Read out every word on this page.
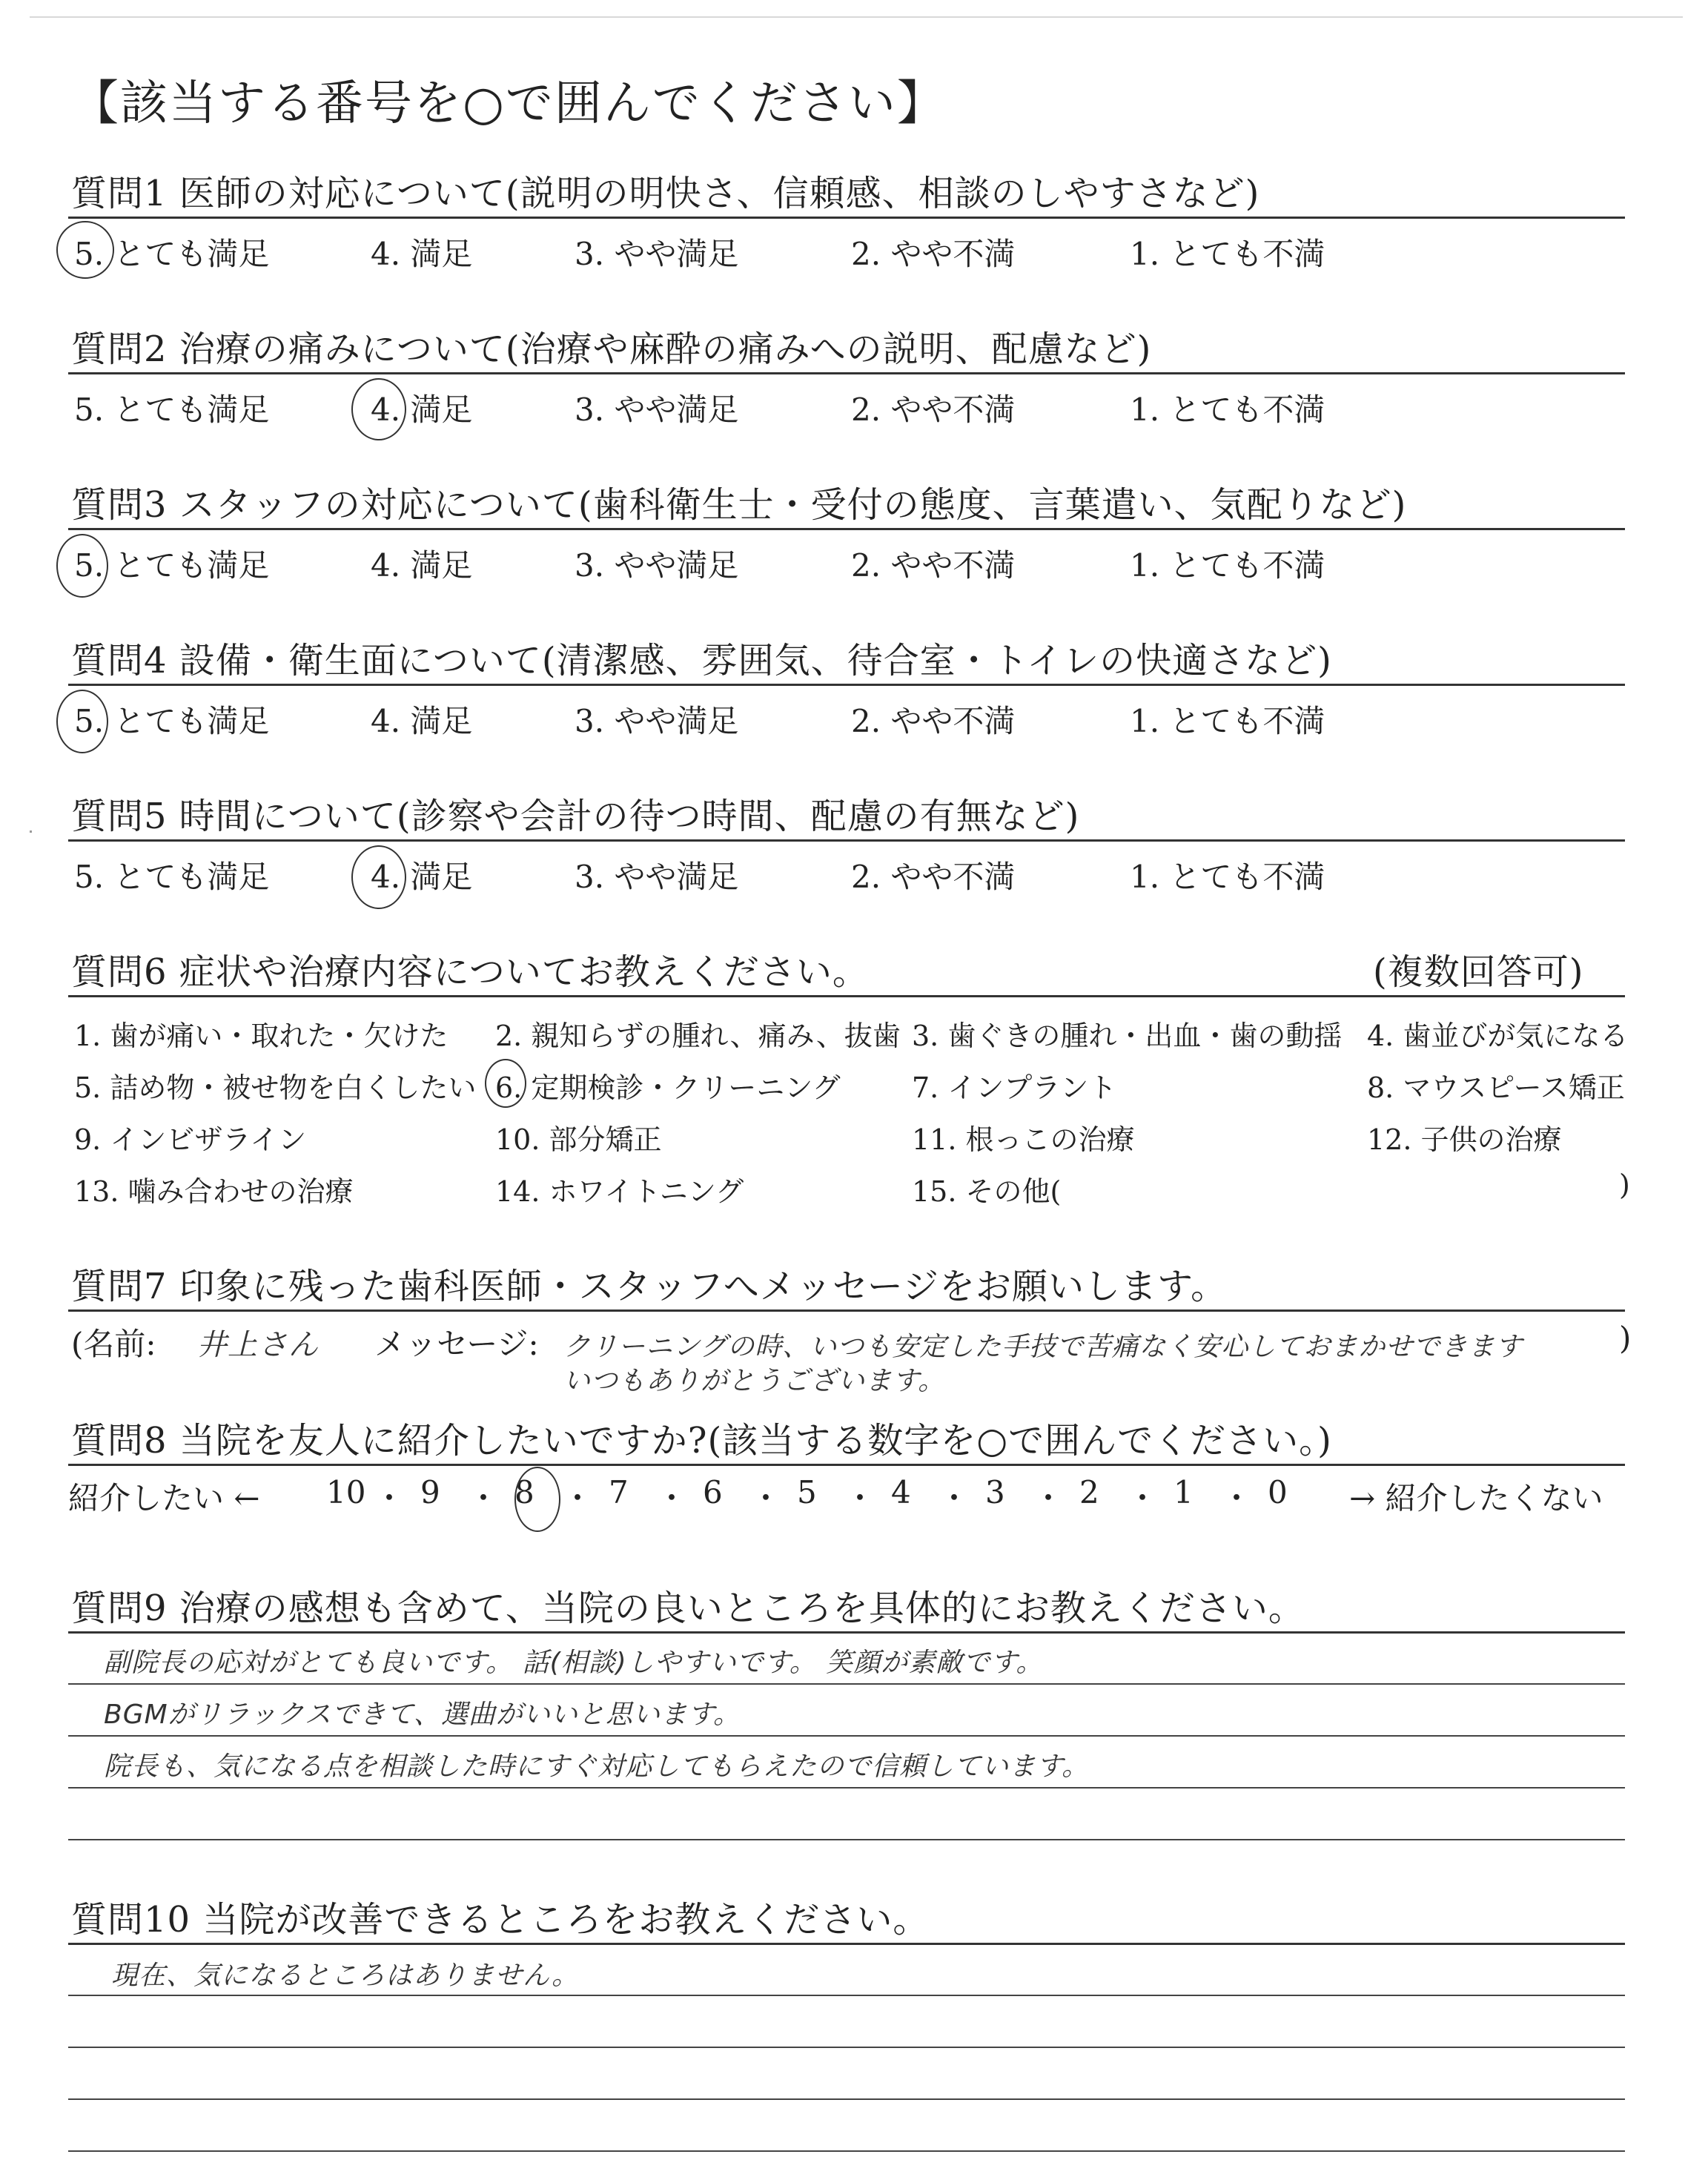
【該当する番号を○で囲んでください】
質問1 医師の対応について(説明の明快さ、信頼感、相談のしやすさなど)
5. とても満足	4. 満足	3. やや満足	2. やや不満	1. とても不満
質問2 治療の痛みについて(治療や麻酔の痛みへの説明、配慮など)
5. とても満足	4. 満足	3. やや満足	2. やや不満	1. とても不満
質問3 スタッフの対応について(歯科衛生士・受付の態度、言葉遣い、気配りなど)
5. とても満足	4. 満足	3. やや満足	2. やや不満	1. とても不満
質問4 設備・衛生面について(清潔感、雰囲気、待合室・トイレの快適さなど)
5. とても満足	4. 満足	3. やや満足	2. やや不満	1. とても不満
質問5 時間について(診察や会計の待つ時間、配慮の有無など)
5. とても満足	4. 満足	3. やや満足	2. やや不満	1. とても不満
質問6 症状や治療内容についてお教えください。	(複数回答可)
1. 歯が痛い・取れた・欠けた 2. 親知らずの腫れ、痛み、抜歯 3. 歯ぐきの腫れ・出血・歯の動揺 4. 歯並びが気になる
5. 詰め物・被せ物を白くしたい 6. 定期検診・クリーニング	7. インプラント	8. マウスピース矯正
9. インビザライン	10. 部分矯正	11. 根っこの治療	12. 子供の治療
13. 噛み合わせの治療	14. ホワイトニング	15. その他(	)
質問7 印象に残った歯科医師・スタッフへメッセージをお願いします。
(名前: 井上さん メッセージ: クリーニングの時、いつも安定した手技で苦痛なく安心しておまかせできます
いつもありがとうございます。
)
質問8 当院を友人に紹介したいですか?(該当する数字を○で囲んでください。)
紹介したい ← 10 ・ 9 ・ 8 ・ 7 ・ 6 ・ 5 ・ 4 ・ 3 ・ 2 ・ 1 ・ 0 → 紹介したくない
質問9 治療の感想も含めて、当院の良いところを具体的にお教えください。
副院長の応対がとても良いです。 話(相談)しやすいです。 笑顔が素敵です。
BGMがリラックスできて、選曲がいいと思います。
院長も、気になる点を相談した時にすぐ対応してもらえたので信頼しています。
質問10 当院が改善できるところをお教えください。
現在、気になるところはありません。
